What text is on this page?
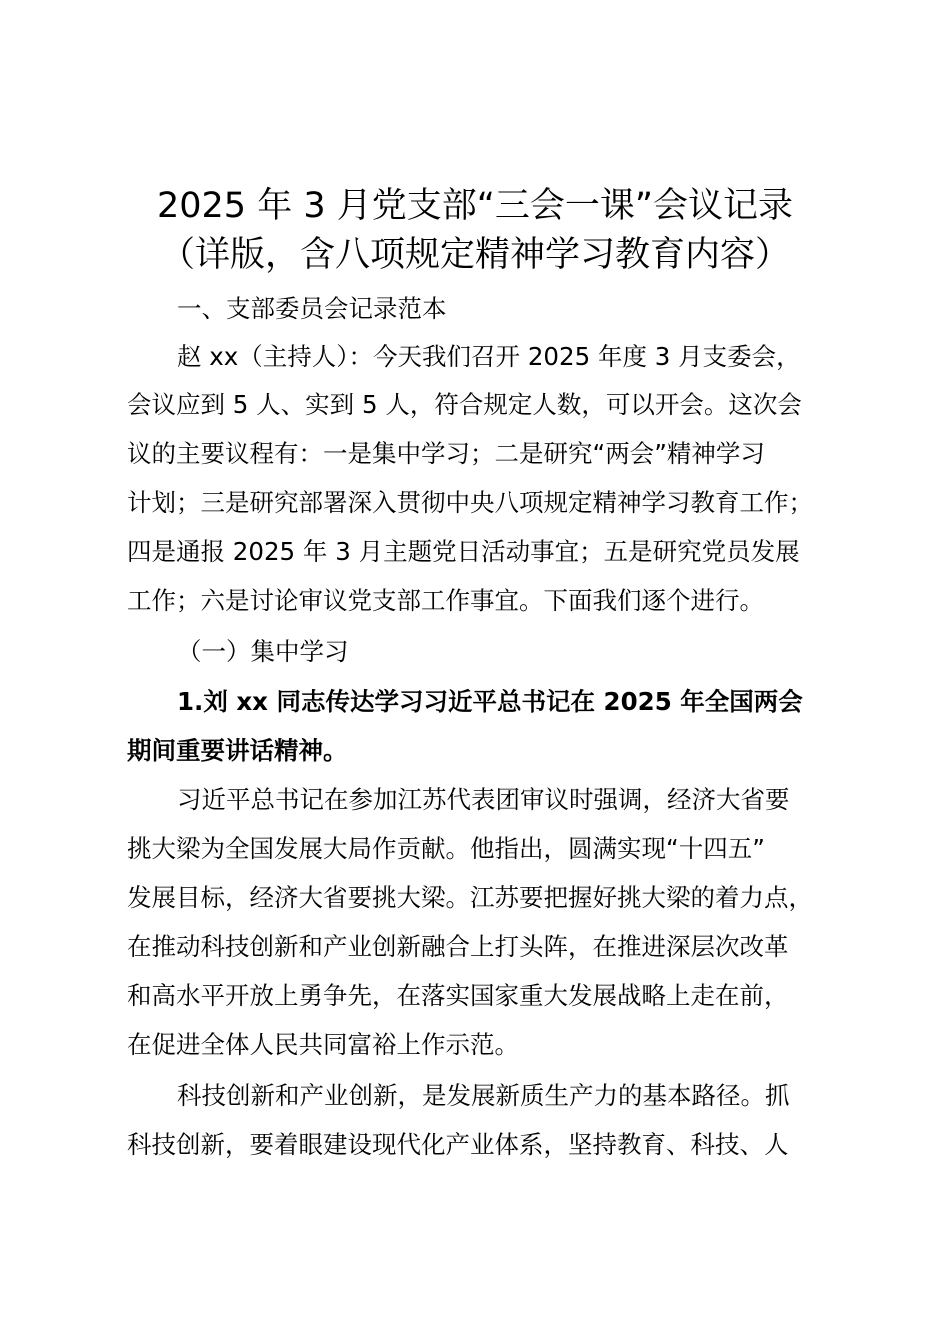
2025 年 3 月党支部“三会一课”会议记录
（详版，含八项规定精神学习教育内容）
一、支部委员会记录范本
赵 xx（主持人）：今天我们召开 2025 年度 3 月支委会，
会议应到 5 人、实到 5 人，符合规定人数，可以开会。这次会
议的主要议程有：一是集中学习；二是研究“两会”精神学习
计划；三是研究部署深入贯彻中央八项规定精神学习教育工作；
四是通报 2025 年 3 月主题党日活动事宜；五是研究党员发展
工作；六是讨论审议党支部工作事宜。下面我们逐个进行。
（一）集中学习
1.刘 xx 同志传达学习习近平总书记在 2025 年全国两会
期间重要讲话精神。
习近平总书记在参加江苏代表团审议时强调，经济大省要
挑大梁为全国发展大局作贡献。他指出，圆满实现“十四五”
发展目标，经济大省要挑大梁。江苏要把握好挑大梁的着力点，
在推动科技创新和产业创新融合上打头阵，在推进深层次改革
和高水平开放上勇争先，在落实国家重大发展战略上走在前，
在促进全体人民共同富裕上作示范。
科技创新和产业创新，是发展新质生产力的基本路径。抓
科技创新，要着眼建设现代化产业体系，坚持教育、科技、人
